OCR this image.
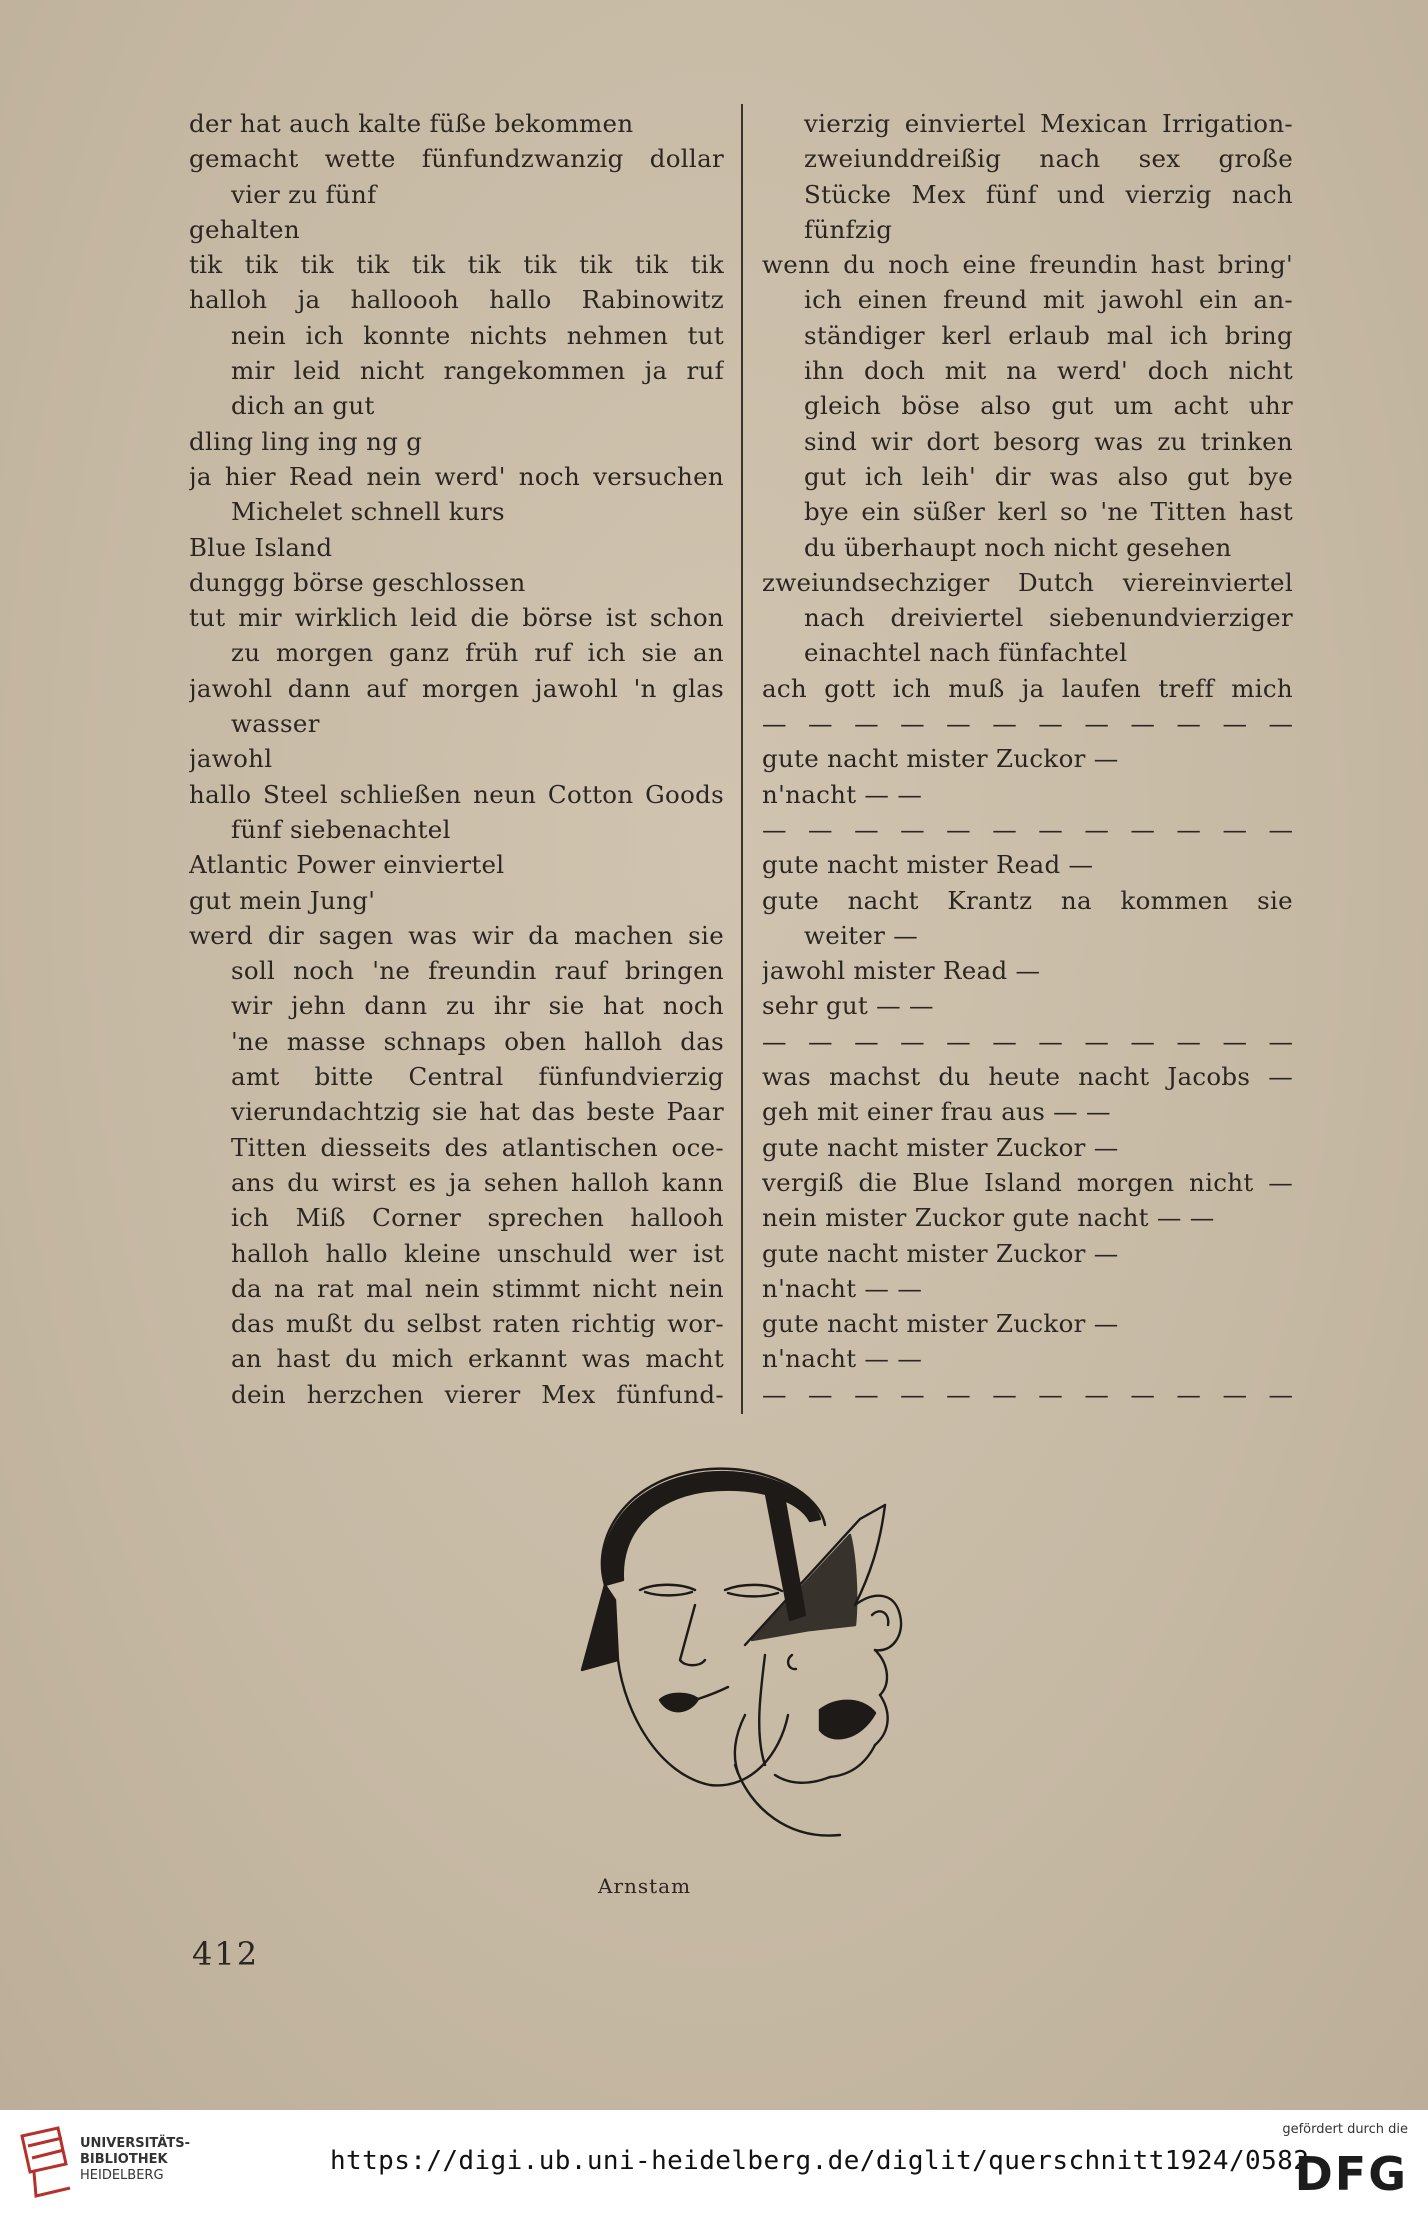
der hat auch kalte füße bekommen
gemacht wette fünfundzwanzig dollar
vier zu fünf
gehalten
tik tik tik tik tik tik tik tik tik tik
halloh ja halloooh hallo Rabinowitz
nein ich konnte nichts nehmen tut
mir leid nicht rangekommen ja ruf
dich an gut
dling ling ing ng g
ja hier Read nein werd' noch versuchen
Michelet schnell kurs
Blue Island
dunggg börse geschlossen
tut mir wirklich leid die börse ist schon
zu morgen ganz früh ruf ich sie an
jawohl dann auf morgen jawohl 'n glas
wasser
jawohl
hallo Steel schließen neun Cotton Goods
fünf siebenachtel
Atlantic Power einviertel
gut mein Jung'
werd dir sagen was wir da machen sie
soll noch 'ne freundin rauf bringen
wir jehn dann zu ihr sie hat noch
'ne masse schnaps oben halloh das
amt bitte Central fünfundvierzig
vierundachtzig sie hat das beste Paar
Titten diesseits des atlantischen oce-
ans du wirst es ja sehen halloh kann
ich Miß Corner sprechen hallooh
halloh hallo kleine unschuld wer ist
da na rat mal nein stimmt nicht nein
das mußt du selbst raten richtig wor-
an hast du mich erkannt was macht
dein herzchen vierer Mex fünfund-
vierzig einviertel Mexican Irrigation-
zweiunddreißig nach sex große
Stücke Mex fünf und vierzig nach
fünfzig
wenn du noch eine freundin hast bring'
ich einen freund mit jawohl ein an-
ständiger kerl erlaub mal ich bring
ihn doch mit na werd' doch nicht
gleich böse also gut um acht uhr
sind wir dort besorg was zu trinken
gut ich leih' dir was also gut bye
bye ein süßer kerl so 'ne Titten hast
du überhaupt noch nicht gesehen
zweiundsechziger Dutch viereinviertel
nach dreiviertel siebenundvierziger
einachtel nach fünfachtel
ach gott ich muß ja laufen treff mich
— — — — — — — — — — — —
gute nacht mister Zuckor —
n'nacht — —
— — — — — — — — — — — —
gute nacht mister Read —
gute nacht Krantz na kommen sie
weiter —
jawohl mister Read —
sehr gut — —
— — — — — — — — — — — —
was machst du heute nacht Jacobs —
geh mit einer frau aus — —
gute nacht mister Zuckor —
vergiß die Blue Island morgen nicht —
nein mister Zuckor gute nacht — —
gute nacht mister Zuckor —
n'nacht — —
gute nacht mister Zuckor —
n'nacht — —
— — — — — — — — — — — —
Arnstam
412
UNIVERSITÄTS-
BIBLIOTHEK
HEIDELBERG	https://digi.ub.uni-heidelberg.de/diglit/querschnitt1924/0582
gefördert durch die
DFG
